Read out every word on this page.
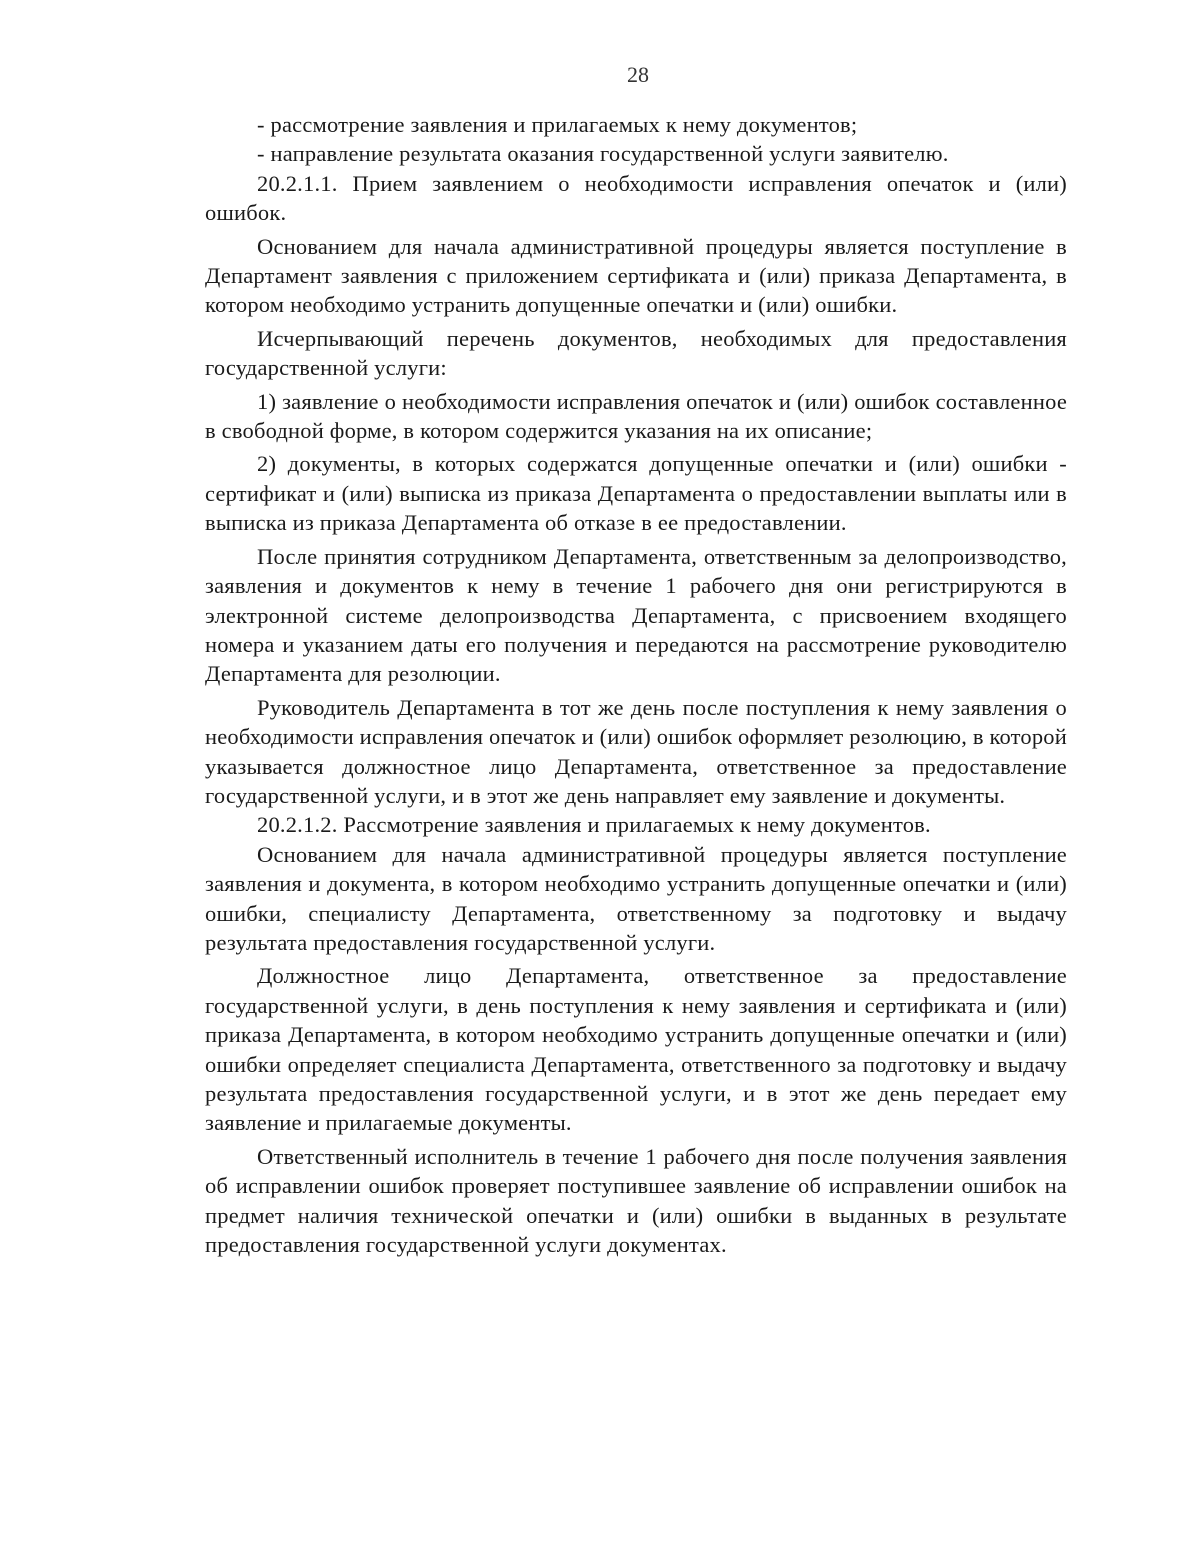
28

- рассмотрение заявления и прилагаемых к нему документов;

- направление результата оказания государственной услуги заявителю.

20.2.1.1. Прием заявлением о необходимости исправления опечаток и (или) ошибок.

Основанием для начала административной процедуры является поступление в Департамент заявления с приложением сертификата и (или) приказа Департамента, в котором необходимо устранить допущенные опечатки и (или) ошибки.

Исчерпывающий перечень документов, необходимых для предоставления государственной услуги:

1) заявление о необходимости исправления опечаток и (или) ошибок составленное в свободной форме, в котором содержится указания на их описание;

2) документы, в которых содержатся допущенные опечатки и (или) ошибки - сертификат и (или) выписка из приказа Департамента о предоставлении выплаты или в выписка из приказа Департамента об отказе в ее предоставлении.

После принятия сотрудником Департамента, ответственным за делопроизводство, заявления и документов к нему в течение 1 рабочего дня они регистрируются в электронной системе делопроизводства Департамента, с присвоением входящего номера и указанием даты его получения и передаются на рассмотрение руководителю Департамента для резолюции.

Руководитель Департамента в тот же день после поступления к нему заявления о необходимости исправления опечаток и (или) ошибок оформляет резолюцию, в которой указывается должностное лицо Департамента, ответственное за предоставление государственной услуги, и в этот же день направляет ему заявление и документы.

20.2.1.2. Рассмотрение заявления и прилагаемых к нему документов.

Основанием для начала административной процедуры является поступление заявления и документа, в котором необходимо устранить допущенные опечатки и (или) ошибки, специалисту Департамента, ответственному за подготовку и выдачу результата предоставления государственной услуги.

Должностное лицо Департамента, ответственное за предоставление государственной услуги, в день поступления к нему заявления и сертификата и (или) приказа Департамента, в котором необходимо устранить допущенные опечатки и (или) ошибки определяет специалиста Департамента, ответственного за подготовку и выдачу результата предоставления государственной услуги, и в этот же день передает ему заявление и прилагаемые документы.

Ответственный исполнитель в течение 1 рабочего дня после получения заявления об исправлении ошибок проверяет поступившее заявление об исправлении ошибок на предмет наличия технической опечатки и (или) ошибки в выданных в результате предоставления государственной услуги документах.
